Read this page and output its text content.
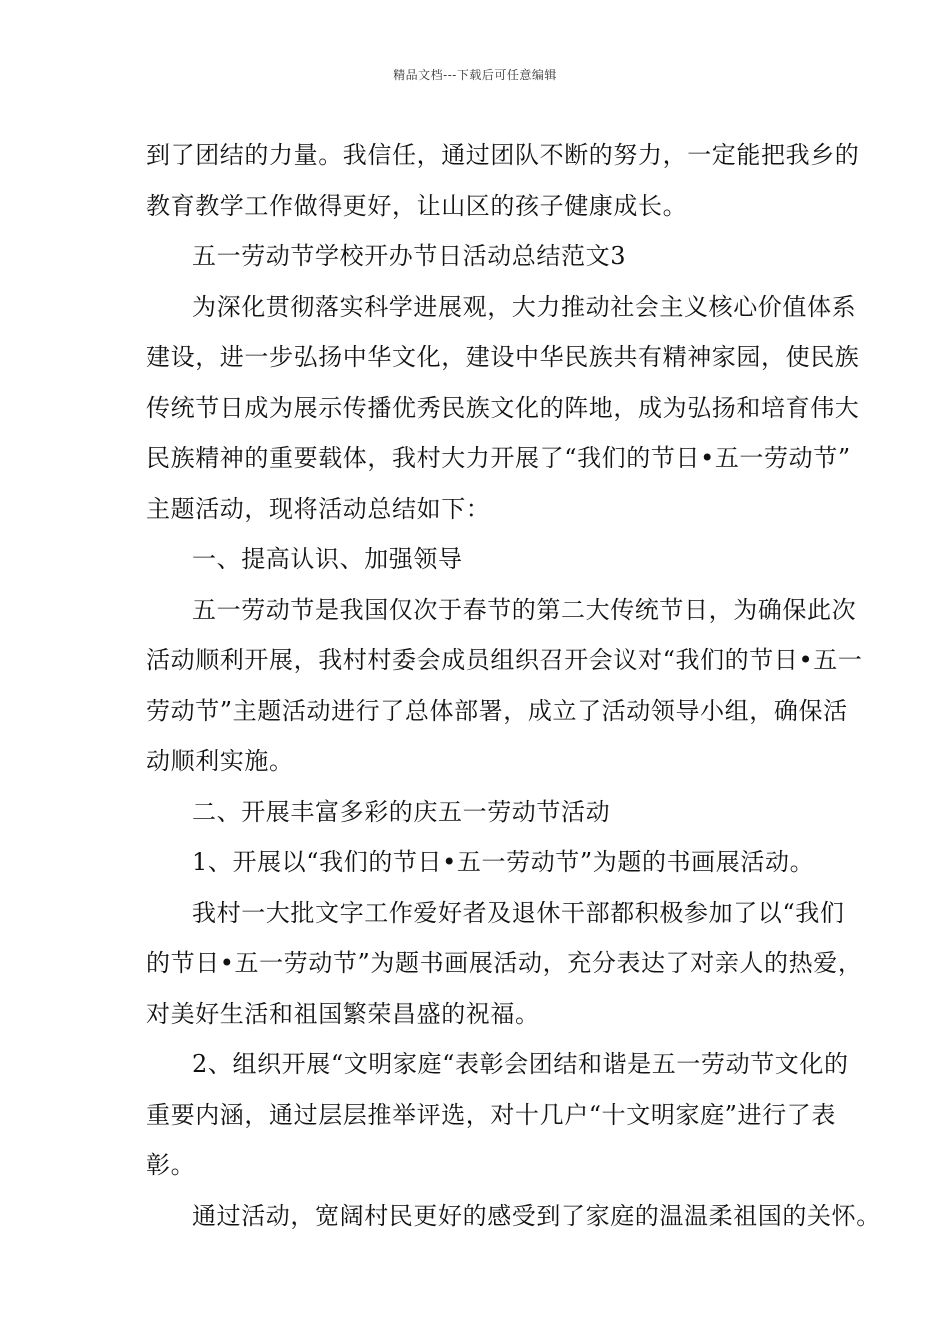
精品文档---下载后可任意编辑
到了团结的力量。我信任，通过团队不断的努力，一定能把我乡的
教育教学工作做得更好，让山区的孩子健康成长。
五一劳动节学校开办节日活动总结范文3
为深化贯彻落实科学进展观，大力推动社会主义核心价值体系
建设，进一步弘扬中华文化，建设中华民族共有精神家园，使民族
传统节日成为展示传播优秀民族文化的阵地，成为弘扬和培育伟大
民族精神的重要载体，我村大力开展了“我们的节日•五一劳动节”
主题活动，现将活动总结如下：
一、提高认识、加强领导
五一劳动节是我国仅次于春节的第二大传统节日，为确保此次
活动顺利开展，我村村委会成员组织召开会议对“我们的节日•五一
劳动节”主题活动进行了总体部署，成立了活动领导小组，确保活
动顺利实施。
二、开展丰富多彩的庆五一劳动节活动
1、开展以“我们的节日•五一劳动节”为题的书画展活动。
我村一大批文字工作爱好者及退休干部都积极参加了以“我们
的节日•五一劳动节”为题书画展活动，充分表达了对亲人的热爱，
对美好生活和祖国繁荣昌盛的祝福。
2、组织开展“文明家庭“表彰会团结和谐是五一劳动节文化的
重要内涵，通过层层推举评选，对十几户“十文明家庭”进行了表
彰。
通过活动，宽阔村民更好的感受到了家庭的温温柔祖国的关怀。
